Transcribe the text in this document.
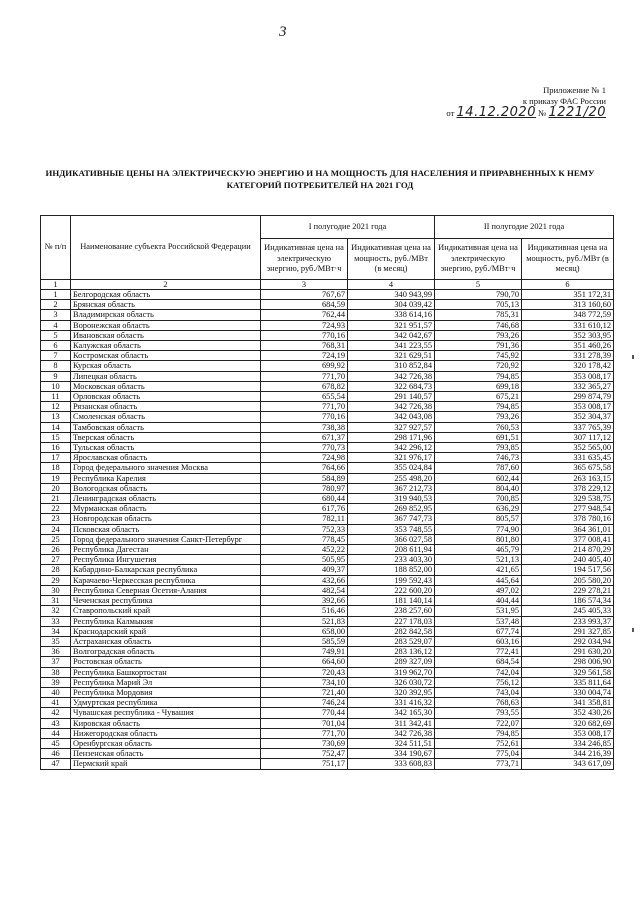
3
Приложение № 1
к приказу ФАС России
от 14.12.2020 № 1221/20
ИНДИКАТИВНЫЕ ЦЕНЫ НА ЭЛЕКТРИЧЕСКУЮ ЭНЕРГИЮ И НА МОЩНОСТЬ ДЛЯ НАСЕЛЕНИЯ И ПРИРАВНЕННЫХ К НЕМУ
КАТЕГОРИЙ ПОТРЕБИТЕЛЕЙ НА 2021 ГОД
№ п/п	Наименование субъекта Российской Федерации	I полугодие 2021 года		II полугодие 2021 года	
		Индикативная цена на электрическую энергию, руб./МВт·ч	Индикативная цена на мощность, руб./МВт (в месяц)	Индикативная цена на электрическую энергию, руб./МВт·ч	Индикативная цена на мощность, руб./МВт (в месяц)
1	2	3	4	5	6
1	Белгородская область	767,67	340 943,99	790,70	351 172,31
2	Брянская область	684,59	304 039,42	705,13	313 160,60
3	Владимирская область	762,44	338 614,16	785,31	348 772,59
4	Воронежская область	724,93	321 951,57	746,68	331 610,12
5	Ивановская область	770,16	342 042,67	793,26	352 303,95
6	Калужская область	768,31	341 223,55	791,36	351 460,26
7	Костромская область	724,19	321 629,51	745,92	331 278,39
8	Курская область	699,92	310 852,84	720,92	320 178,42
9	Липецкая область	771,70	342 726,38	794,85	353 008,17
10	Московская область	678,82	322 684,73	699,18	332 365,27
11	Орловская область	655,54	291 140,57	675,21	299 874,79
12	Рязанская область	771,70	342 726,38	794,85	353 008,17
13	Смоленская область	770,16	342 043,08	793,26	352 304,37
14	Тамбовская область	738,38	327 927,57	760,53	337 765,39
15	Тверская область	671,37	298 171,96	691,51	307 117,12
16	Тульская область	770,73	342 296,12	793,85	352 565,00
17	Ярославская область	724,98	321 976,17	746,73	331 635,45
18	Город федерального значения Москва	764,66	355 024,84	787,60	365 675,58
19	Республика Карелия	584,89	255 498,20	602,44	263 163,15
20	Вологодская область	780,97	367 212,73	804,40	378 229,12
21	Ленинградская область	680,44	319 940,53	700,85	329 538,75
22	Мурманская область	617,76	269 852,95	636,29	277 948,54
23	Новгородская область	782,11	367 747,73	805,57	378 780,16
24	Псковская область	752,33	353 748,55	774,90	364 361,01
25	Город федерального значения Санкт-Петербург	778,45	366 027,58	801,80	377 008,41
26	Республика Дагестан	452,22	208 611,94	465,79	214 870,29
27	Республика Ингушетия	505,95	233 403,30	521,13	240 405,40
28	Кабардино-Балкарская республика	409,37	188 852,00	421,65	194 517,56
29	Карачаево-Черкесская республика	432,66	199 592,43	445,64	205 580,20
30	Республика Северная Осетия-Алания	482,54	222 600,20	497,02	229 278,21
31	Чеченская республика	392,66	181 140,14	404,44	186 574,34
32	Ставропольский край	516,46	238 257,60	531,95	245 405,33
33	Республика Калмыкия	521,83	227 178,03	537,48	233 993,37
34	Краснодарский край	658,00	282 842,58	677,74	291 327,85
35	Астраханская область	585,59	283 529,07	603,16	292 034,94
36	Волгоградская область	749,91	283 136,12	772,41	291 630,20
37	Ростовская область	664,60	289 327,09	684,54	298 006,90
38	Республика Башкортостан	720,43	319 962,70	742,04	329 561,58
39	Республика Марий Эл	734,10	326 030,72	756,12	335 811,64
40	Республика Мордовия	721,40	320 392,95	743,04	330 004,74
41	Удмуртская республика	746,24	331 416,32	768,63	341 358,81
42	Чувашская республика - Чувашия	770,44	342 165,30	793,55	352 430,26
43	Кировская область	701,04	311 342,41	722,07	320 682,69
44	Нижегородская область	771,70	342 726,38	794,85	353 008,17
45	Оренбургская область	730,69	324 511,51	752,61	334 246,85
46	Пензенская область	752,47	334 190,67	775,04	344 216,39
47	Пермский край	751,17	333 608,83	773,71	343 617,09
